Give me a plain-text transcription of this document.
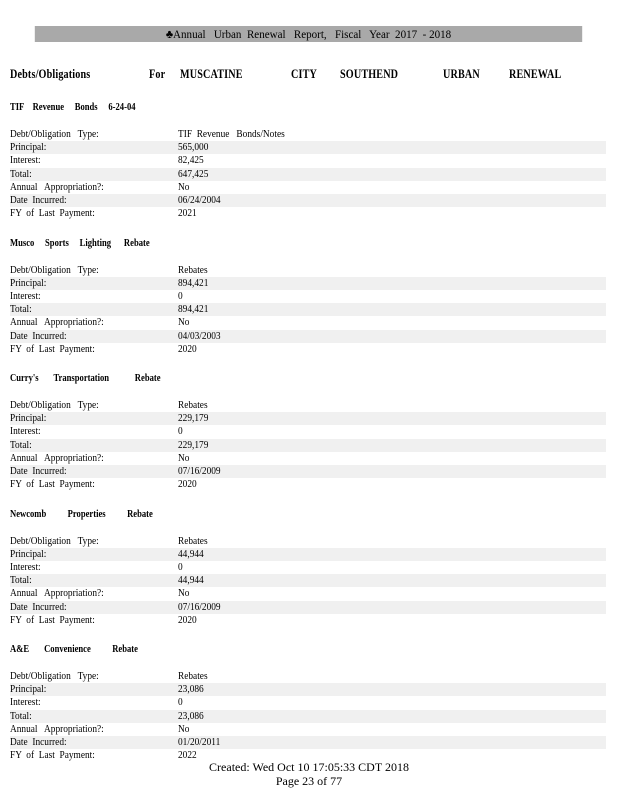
♣Annual   Urban  Renewal   Report,   Fiscal   Year  2017  - 2018
Debts/Obligations	For MUSCATINE	CITY SOUTHEND	URBAN RENEWAL
TIF    Revenue     Bonds     6-24-04
Debt/Obligation   Type:	TIF  Revenue   Bonds/Notes
Principal:	565,000
Interest:	82,425
Total:	647,425
Annual   Appropriation?:	No
Date  Incurred:	06/24/2004
FY  of  Last  Payment:	2021
Musco     Sports     Lighting      Rebate
Debt/Obligation   Type:	Rebates
Principal:	894,421
Interest:	0
Total:	894,421
Annual   Appropriation?:	No
Date  Incurred:	04/03/2003
FY  of  Last  Payment:	2020
Curry's       Transportation            Rebate
Debt/Obligation   Type:	Rebates
Principal:	229,179
Interest:	0
Total:	229,179
Annual   Appropriation?:	No
Date  Incurred:	07/16/2009
FY  of  Last  Payment:	2020
Newcomb          Properties          Rebate
Debt/Obligation   Type:	Rebates
Principal:	44,944
Interest:	0
Total:	44,944
Annual   Appropriation?:	No
Date  Incurred:	07/16/2009
FY  of  Last  Payment:	2020
A&E       Convenience          Rebate
Debt/Obligation   Type:	Rebates
Principal:	23,086
Interest:	0
Total:	23,086
Annual   Appropriation?:	No
Date  Incurred:	01/20/2011
FY  of  Last  Payment:	2022
Created: Wed Oct 10 17:05:33 CDT 2018
Page 23 of 77
